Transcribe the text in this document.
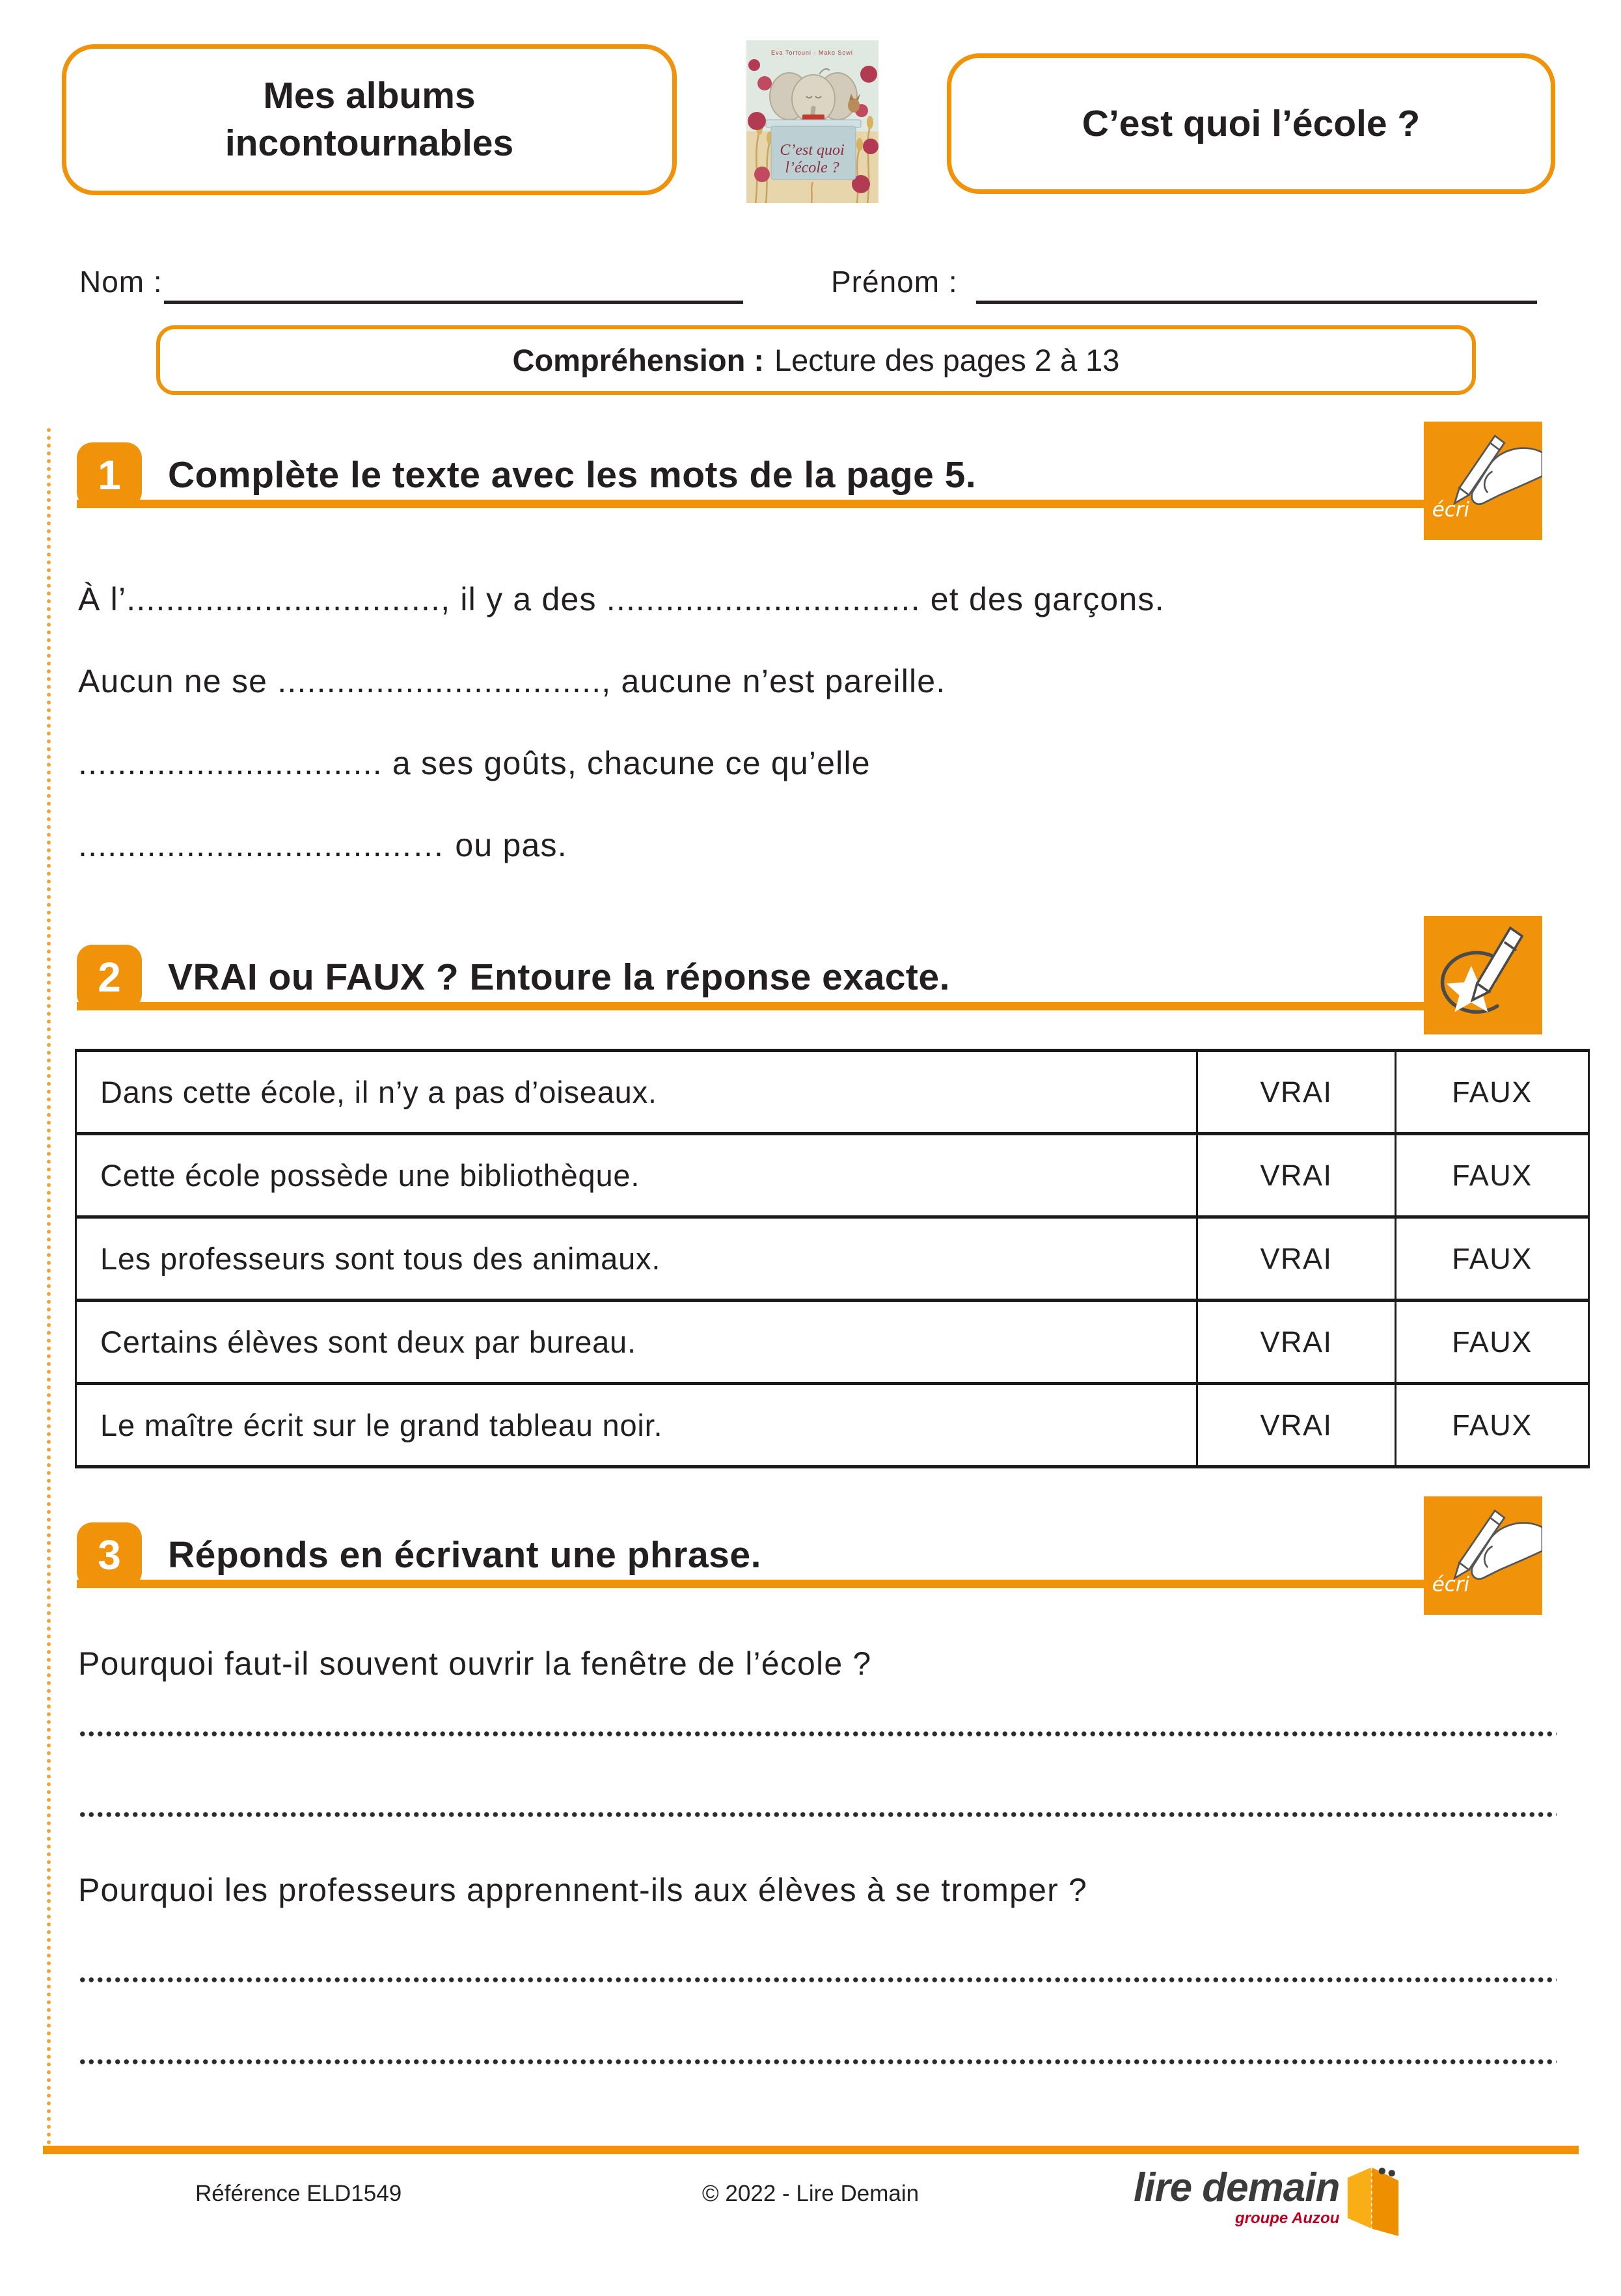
Mes albums
incontournables	C’est quoi
l’école ?
Eva Tortouni - Mako Sowi
C’est quoi l’école ?
Nom :	Prénom :
Compréhension : Lecture des pages 2 à 13
1	Complète le texte avec les mots de la page 5.
écri
À l’................................, il y a des ................................ et des garçons.
Aucun ne se ................................., aucune n’est pareille.
............................... a ses goûts, chacune ce qu’elle
..................................… ou pas.
2	VRAI ou FAUX ? Entoure la réponse exacte.
Dans cette école, il n’y a pas d’oiseaux.	VRAI	FAUX
Cette école possède une bibliothèque.	VRAI	FAUX
Les professeurs sont tous des animaux.	VRAI	FAUX
Certains élèves sont deux par bureau.	VRAI	FAUX
Le maître écrit sur le grand tableau noir.	VRAI	FAUX
3	Réponds en écrivant une phrase.
écri
Pourquoi faut-il souvent ouvrir la fenêtre de l’école ?
Pourquoi les professeurs apprennent-ils aux élèves à se tromper ?
Référence ELD1549	© 2022 - Lire Demain	lire demain
groupe Auzou
